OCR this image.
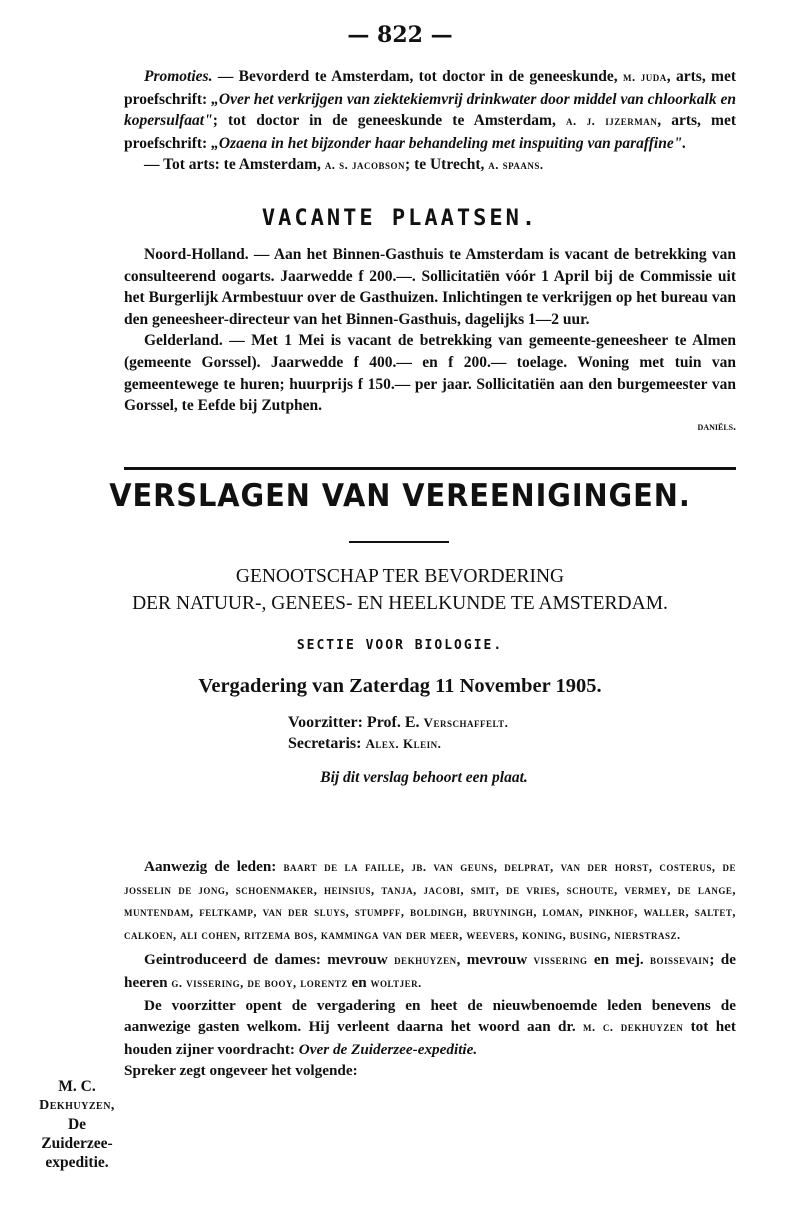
— 822 —
Promoties. — Bevorderd te Amsterdam, tot doctor in de geneeskunde, m. juda, arts, met proefschrift: „Over het verkrijgen van ziektekiemvrij drinkwater door middel van chloorkalk en kopersulfaat"; tot doctor in de geneeskunde te Amsterdam, a. j. ijzerman, arts, met proefschrift: „Ozaena in het bijzonder haar behandeling met inspuiting van paraffine".
— Tot arts: te Amsterdam, a. s. jacobson; te Utrecht, a. spaans.
VACANTE PLAATSEN.
Noord-Holland. — Aan het Binnen-Gasthuis te Amsterdam is vacant de betrekking van consulteerend oogarts. Jaarwedde f 200.—. Sollicitatiën vóór 1 April bij de Commissie uit het Burgerlijk Armbestuur over de Gasthuizen. Inlichtingen te verkrijgen op het bureau van den geneesheer-directeur van het Binnen-Gasthuis, dagelijks 1—2 uur.
Gelderland. — Met 1 Mei is vacant de betrekking van gemeente-geneesheer te Almen (gemeente Gorssel). Jaarwedde f 400.— en f 200.— toelage. Woning met tuin van gemeentewege te huren; huurprijs f 150.— per jaar. Sollicitatiën aan den burgemeester van Gorssel, te Eefde bij Zutphen.
daniëls.
VERSLAGEN VAN VEREENIGINGEN.
GENOOTSCHAP TER BEVORDERING
DER NATUUR-, GENEES- EN HEELKUNDE TE AMSTERDAM.
SECTIE VOOR BIOLOGIE.
Vergadering van Zaterdag 11 November 1905.
Voorzitter: Prof. E. Verschaffelt.
Secretaris: Alex. Klein.
Bij dit verslag behoort een plaat.
Aanwezig de leden: baart de la faille, jb. van geuns, delprat, van der horst, costerus, de josselin de jong, schoenmaker, heinsius, tanja, jacobi, smit, de vries, schoute, vermey, de lange, muntendam, feltkamp, van der sluys, stumpff, boldingh, bruyningh, loman, pinkhof, waller, saltet, calkoen, ali cohen, ritzema bos, kamminga van der meer, weevers, koning, busing, nierstrasz.
Geintroduceerd de dames: mevrouw dekhuyzen, mevrouw vissering en mej. boissevain; de heeren g. vissering, de booy, lorentz en woltjer.
De voorzitter opent de vergadering en heet de nieuwbenoemde leden benevens de aanwezige gasten welkom. Hij verleent daarna het woord aan dr. m. c. dekhuyzen tot het houden zijner voordracht: Over de Zuiderzee-expeditie.
Spreker zegt ongeveer het volgende:
M. C.
Dekhuyzen,
De
Zuiderzee-
expeditie.
